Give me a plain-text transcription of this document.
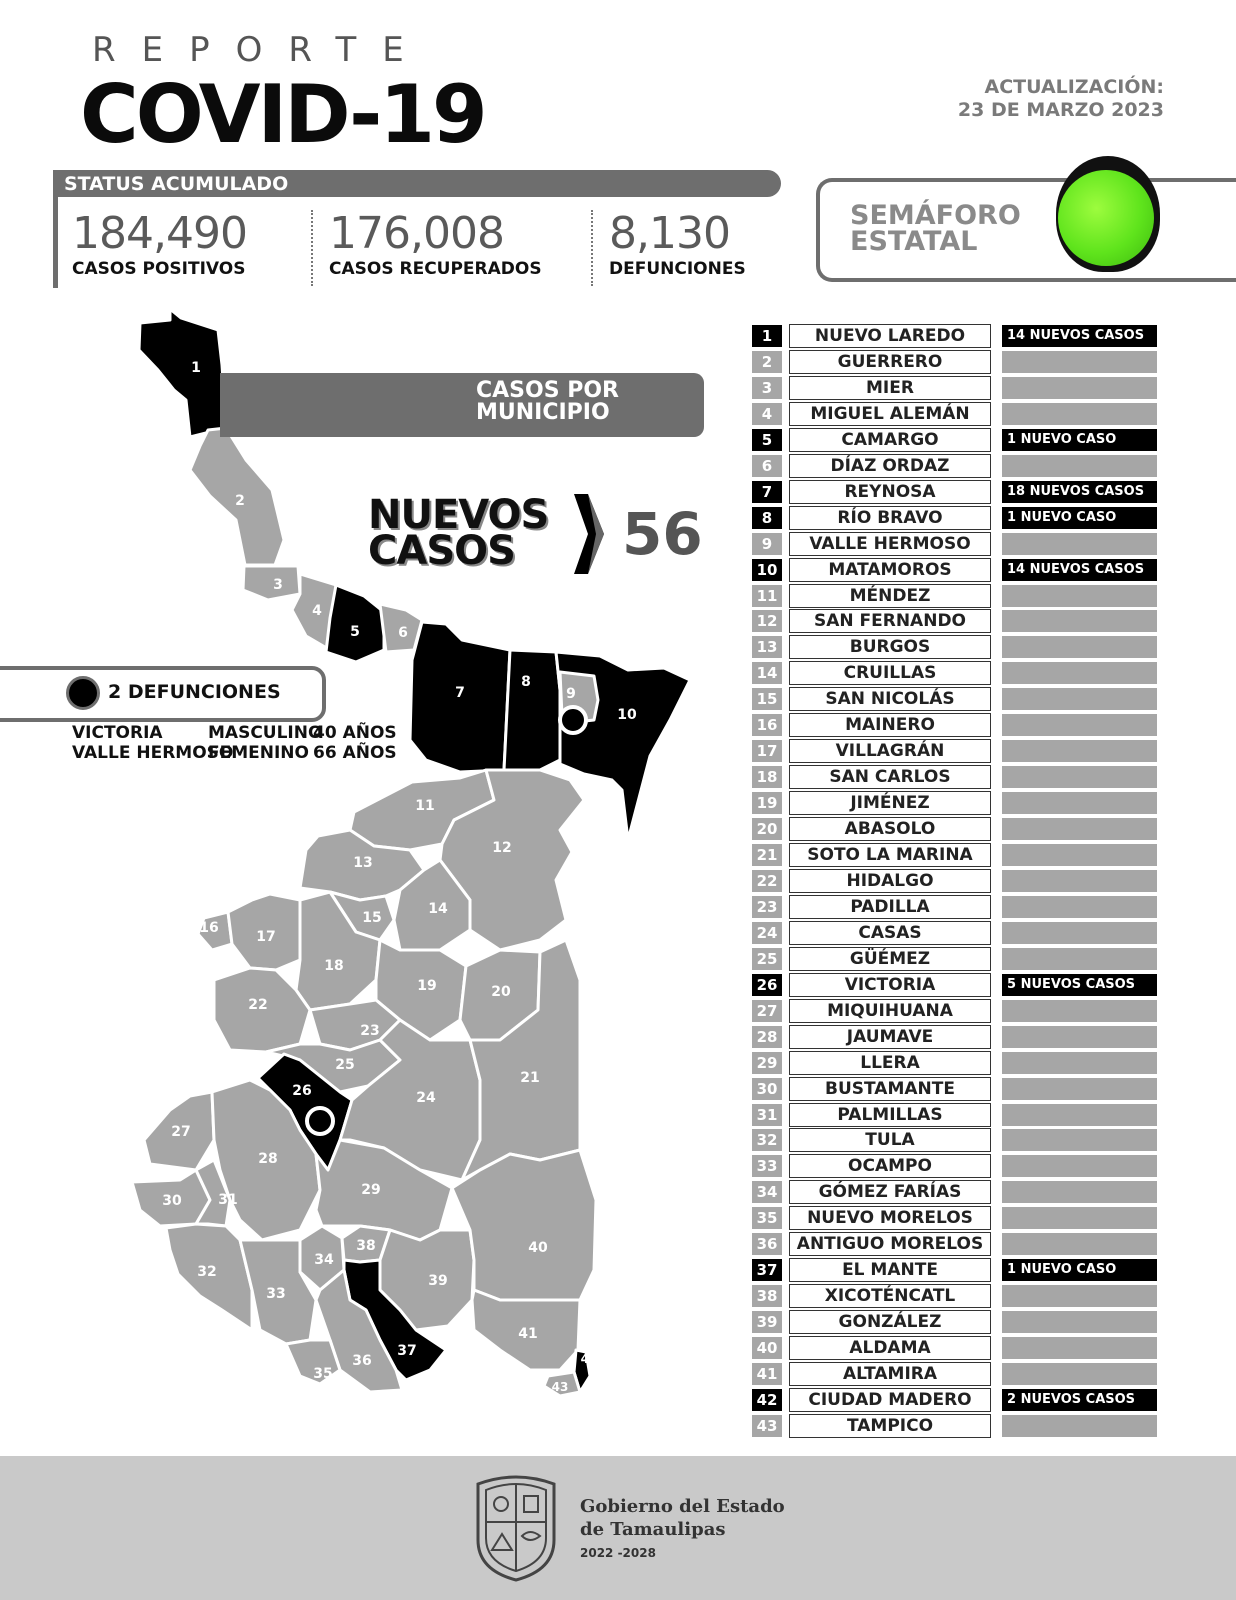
REPORTE
COVID-19	ACTUALIZACIÓN:
23 DE MARZO 2023
STATUS ACUMULADO
184,490
CASOS POSITIVOS
176,008
CASOS RECUPERADOS
8,130
DEFUNCIONES
SEMÁFORO
ESTATAL
1
2
3
4
5	6
7
8
9
10
11
12
13
14
15
16
17
18
19	20
21
22
23
24
25
26
27
28
29
30	31
32
33
34
35
36
37
38
39
40
41
42
43
CASOS POR
MUNICIPIO
NUEVOS
CASOS	56
2 DEFUNCIONES
VICTORIA	MASCULINO
40 AÑOS
VALLE HERMOSO
FEMENINO 66 AÑOS
1	NUEVO LAREDO	14 NUEVOS CASOS
2	GUERRERO
3	MIER
4	MIGUEL ALEMÁN
5	CAMARGO	1 NUEVO CASO
6	DÍAZ ORDAZ
7	REYNOSA	18 NUEVOS CASOS
8	RÍO BRAVO	1 NUEVO CASO
9	VALLE HERMOSO
10	MATAMOROS	14 NUEVOS CASOS
11	MÉNDEZ
12	SAN FERNANDO
13	BURGOS
14	CRUILLAS
15	SAN NICOLÁS
16	MAINERO
17	VILLAGRÁN
18	SAN CARLOS
19	JIMÉNEZ
20	ABASOLO
21	SOTO LA MARINA
22	HIDALGO
23	PADILLA
24	CASAS
25	GÜÉMEZ
26	VICTORIA	5 NUEVOS CASOS
27	MIQUIHUANA
28	JAUMAVE
29	LLERA
30	BUSTAMANTE
31	PALMILLAS
32	TULA
33	OCAMPO
34	GÓMEZ FARÍAS
35	NUEVO MORELOS
36	ANTIGUO MORELOS
37	EL MANTE	1 NUEVO CASO
38	XICOTÉNCATL
39	GONZÁLEZ
40	ALDAMA
41	ALTAMIRA
42	CIUDAD MADERO	2 NUEVOS CASOS
43	TAMPICO
Gobierno del Estado
de Tamaulipas
2022 -2028
